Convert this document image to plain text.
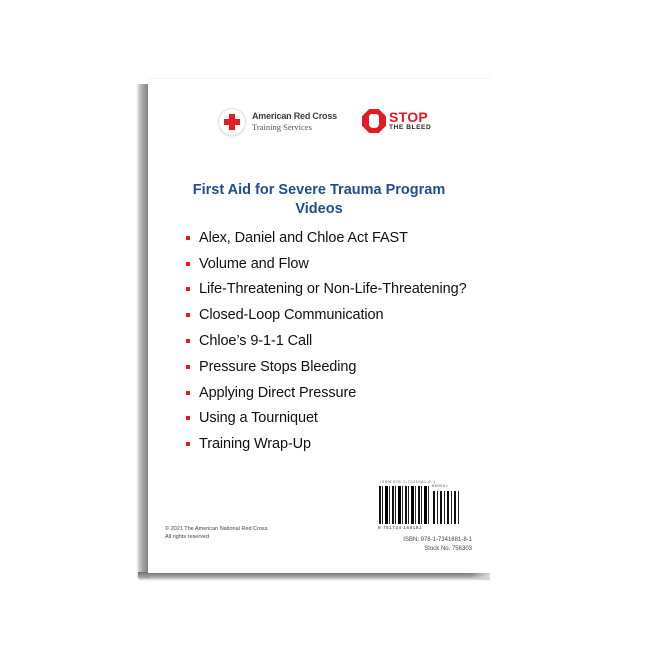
American Red Cross
Training Services
STOP
THE BLEED
First Aid for Severe Trauma Program
Videos
Alex, Daniel and Chloe Act FAST
Volume and Flow
Life-Threatening or Non-Life-Threatening?
Closed-Loop Communication
Chloe’s 9-1-1 Call
Pressure Stops Bleeding
Applying Direct Pressure
Using a Tourniquet
Training Wrap-Up
© 2021 The American National Red Cross.
All rights reserved
ISBN 978-1-7341681-8-1
90000>
9 781734 168181
ISBN: 978-1-7341681-8-1
Stock No. 756303
